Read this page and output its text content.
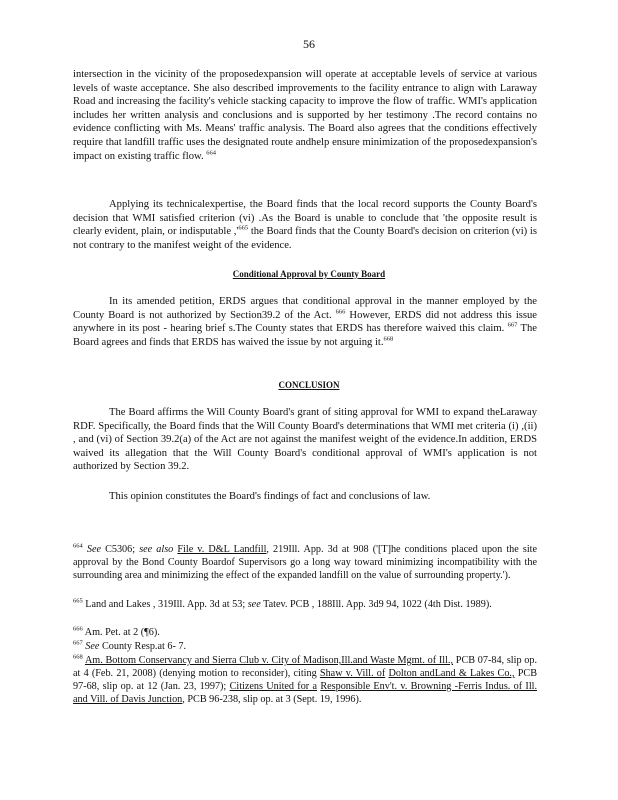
56

intersection in the vicinity of the proposedexpansion will operate at acceptable levels of service at various levels of waste acceptance. She also described improvements to the facility entrance to align with Laraway Road and increasing the facility's vehicle stacking capacity to improve the flow of traffic. WMI's application includes her written analysis and conclusions and is supported by her testimony .The record contains no evidence conflicting with Ms. Means' traffic analysis. The Board also agrees that the conditions effectively require that landfill traffic uses the designated route andhelp ensure minimization of the proposedexpansion's impact on existing traffic flow. $^{664}$

Applying its technicalexpertise, the Board finds that the local record supports the County Board's decision that WMI satisfied criterion (vi) .As the Board is unable to conclude that 'the opposite result is clearly evident, plain, or indisputable $,'^{665}$ the Board finds that the County Board's decision on criterion (vi) is not contrary to the manifest weight of the evidence.

Conditional Approval by County Board

In its amended petition, ERDS argues that conditional approval in the manner employed by the County Board is not authorized by Section39.2 of the Act. $^{666}$ However, ERDS did not address this issue anywhere in its post - hearing brief s.The County states that ERDS has therefore waived this claim. $^{667}$ The Board agrees and finds that ERDS has waived the issue by not arguing it.$^{668}$

CONCLUSION

The Board affirms the Will County Board's grant of siting approval for WMI to expand theLaraway RDF. Specifically, the Board finds that the Will County Board's determinations that WMI met criteria (i) ,(ii) , and (vi) of Section 39.2(a) of the Act are not against the manifest weight of the evidence.In addition, ERDS waived its allegation that the Will County Board's conditional approval of WMI's application is not authorized by Section 39.2.

This opinion constitutes the Board's findings of fact and conclusions of law.

$^{664}$ See C5306; see also File v. D&L Landfill, 219Ill. App. 3d at 908 ('[T]he conditions placed upon the site approval by the Bond County Boardof Supervisors go a long way toward minimizing incompatibility with the surrounding area and minimizing the effect of the expanded landfill on the value of surrounding property.').

$^{665}$ Land and Lakes , 319Ill. App. 3d at 53; see Tatev. PCB , 188Ill. App. 3d9 94, 1022 (4th Dist. 1989).

$^{666}$ Am. Pet. at 2 (¶6).

$^{667}$ See County Resp.at 6- 7.

$^{668}$ Am. Bottom Conservancy and Sierra Club v. City of Madison,Ill.and Waste Mgmt. of Ill., PCB 07-84, slip op. at 4 (Feb. 21, 2008) (denying motion to reconsider), citing Shaw v. Vill. of Dolton andLand & Lakes Co., PCB 97-68, slip op. at 12 (Jan. 23, 1997); Citizens United for a Responsible Env't. v. Browning -Ferris Indus. of Ill. and Vill. of Davis Junction, PCB 96-238, slip op. at 3 (Sept. 19, 1996).
